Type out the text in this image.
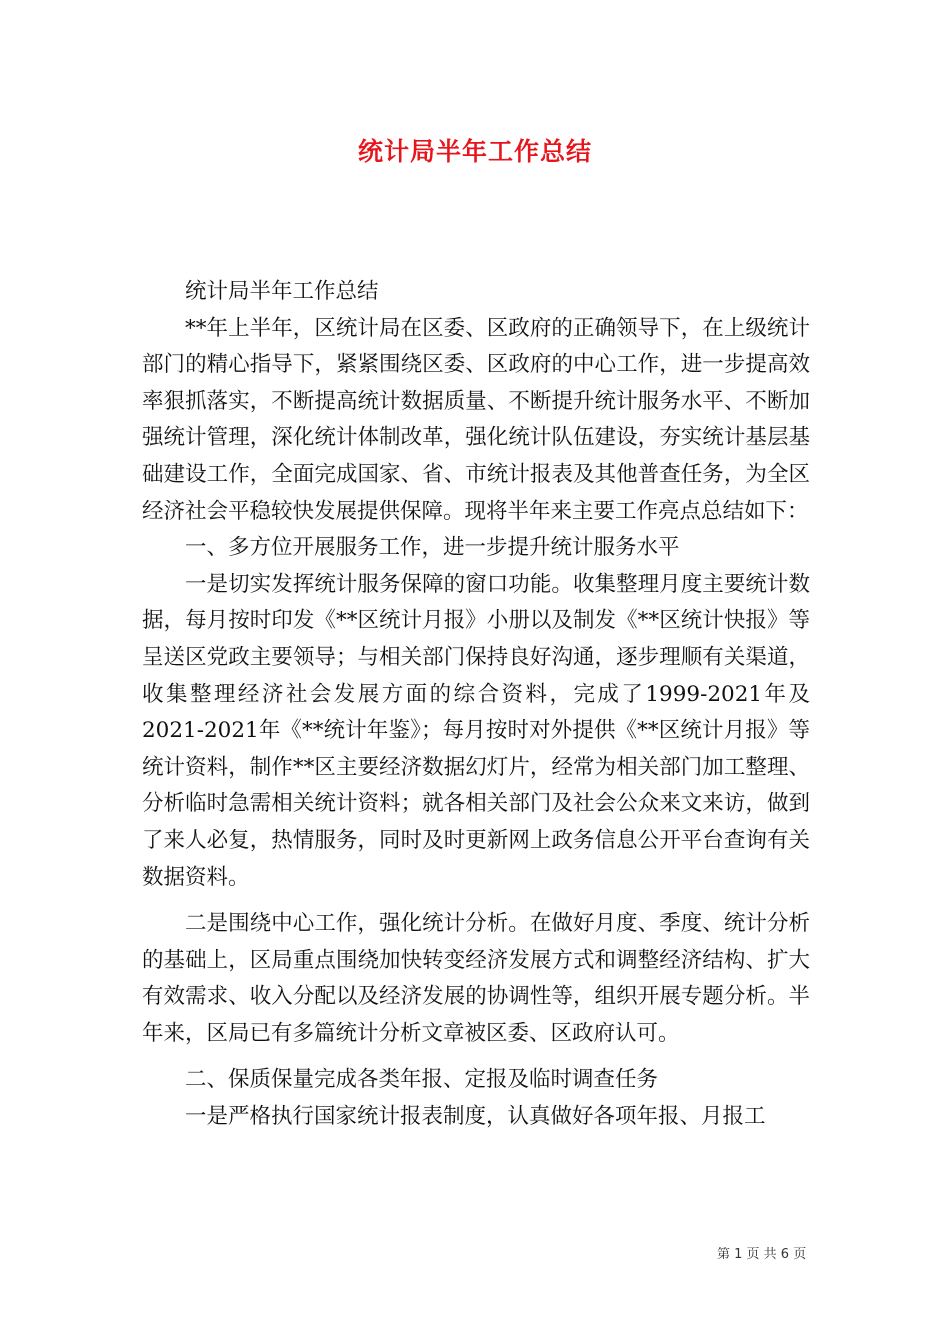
统计局半年工作总结

统计局半年工作总结

**年上半年，区统计局在区委、区政府的正确领导下，在上级统计部门的精心指导下，紧紧围绕区委、区政府的中心工作，进一步提高效率狠抓落实，不断提高统计数据质量、不断提升统计服务水平、不断加强统计管理，深化统计体制改革，强化统计队伍建设，夯实统计基层基础建设工作，全面完成国家、省、市统计报表及其他普查任务，为全区经济社会平稳较快发展提供保障。现将半年来主要工作亮点总结如下：

一、多方位开展服务工作，进一步提升统计服务水平

一是切实发挥统计服务保障的窗口功能。收集整理月度主要统计数据，每月按时印发《**区统计月报》小册以及制发《**区统计快报》等呈送区党政主要领导；与相关部门保持良好沟通，逐步理顺有关渠道，收集整理经济社会发展方面的综合资料，完成了1999-2021年及2021-2021年《**统计年鉴》；每月按时对外提供《**区统计月报》等统计资料，制作**区主要经济数据幻灯片，经常为相关部门加工整理、分析临时急需相关统计资料；就各相关部门及社会公众来文来访，做到了来人必复，热情服务，同时及时更新网上政务信息公开平台查询有关数据资料。

二是围绕中心工作，强化统计分析。在做好月度、季度、统计分析的基础上，区局重点围绕加快转变经济发展方式和调整经济结构、扩大有效需求、收入分配以及经济发展的协调性等，组织开展专题分析。半年来，区局已有多篇统计分析文章被区委、区政府认可。

二、保质保量完成各类年报、定报及临时调查任务

一是严格执行国家统计报表制度，认真做好各项年报、月报工

第 1 页 共 6 页
